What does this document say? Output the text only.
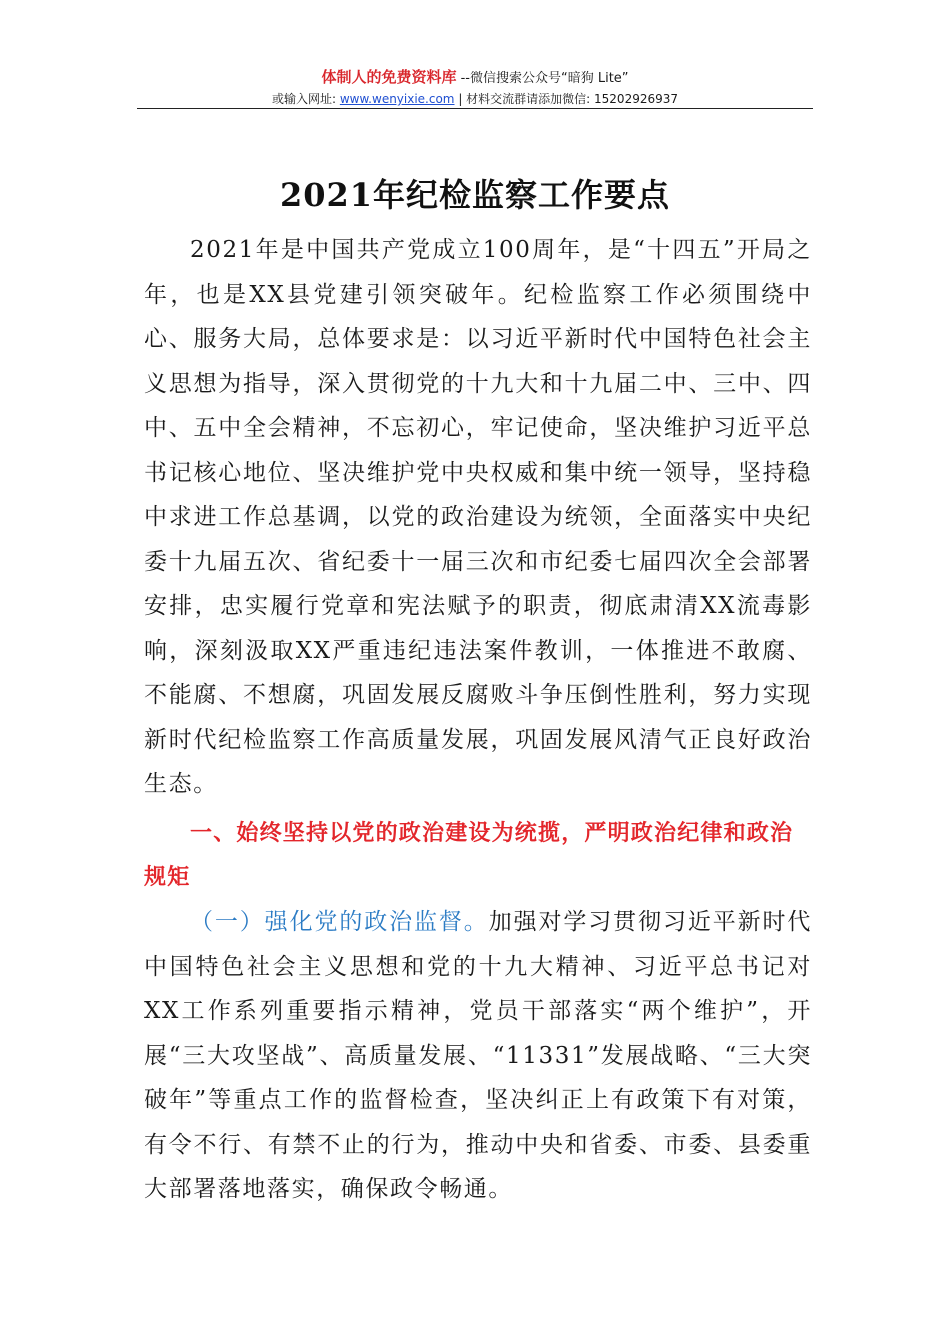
体制人的免费资料库 --微信搜索公众号“暗狗 Lite”
或输入网址: www.wenyixie.com | 材料交流群请添加微信: 15202926937
2021年纪检监察工作要点

2021年是中国共产党成立100周年，是“十四五”开局之年，也是XX县党建引领突破年。纪检监察工作必须围绕中心、服务大局，总体要求是：以习近平新时代中国特色社会主义思想为指导，深入贯彻党的十九大和十九届二中、三中、四中、五中全会精神，不忘初心，牢记使命，坚决维护习近平总书记核心地位、坚决维护党中央权威和集中统一领导，坚持稳中求进工作总基调，以党的政治建设为统领，全面落实中央纪委十九届五次、省纪委十一届三次和市纪委七届四次全会部署安排，忠实履行党章和宪法赋予的职责，彻底肃清XX流毒影响，深刻汲取XX严重违纪违法案件教训，一体推进不敢腐、不能腐、不想腐，巩固发展反腐败斗争压倒性胜利，努力实现新时代纪检监察工作高质量发展，巩固发展风清气正良好政治生态。

一、始终坚持以党的政治建设为统揽，严明政治纪律和政治规矩

（一）强化党的政治监督。加强对学习贯彻习近平新时代中国特色社会主义思想和党的十九大精神、习近平总书记对XX工作系列重要指示精神，党员干部落实“两个维护”，开展“三大攻坚战”、高质量发展、“11331”发展战略、“三大突破年”等重点工作的监督检查，坚决纠正上有政策下有对策，有令不行、有禁不止的行为，推动中央和省委、市委、县委重大部署落地落实，确保政令畅通。
